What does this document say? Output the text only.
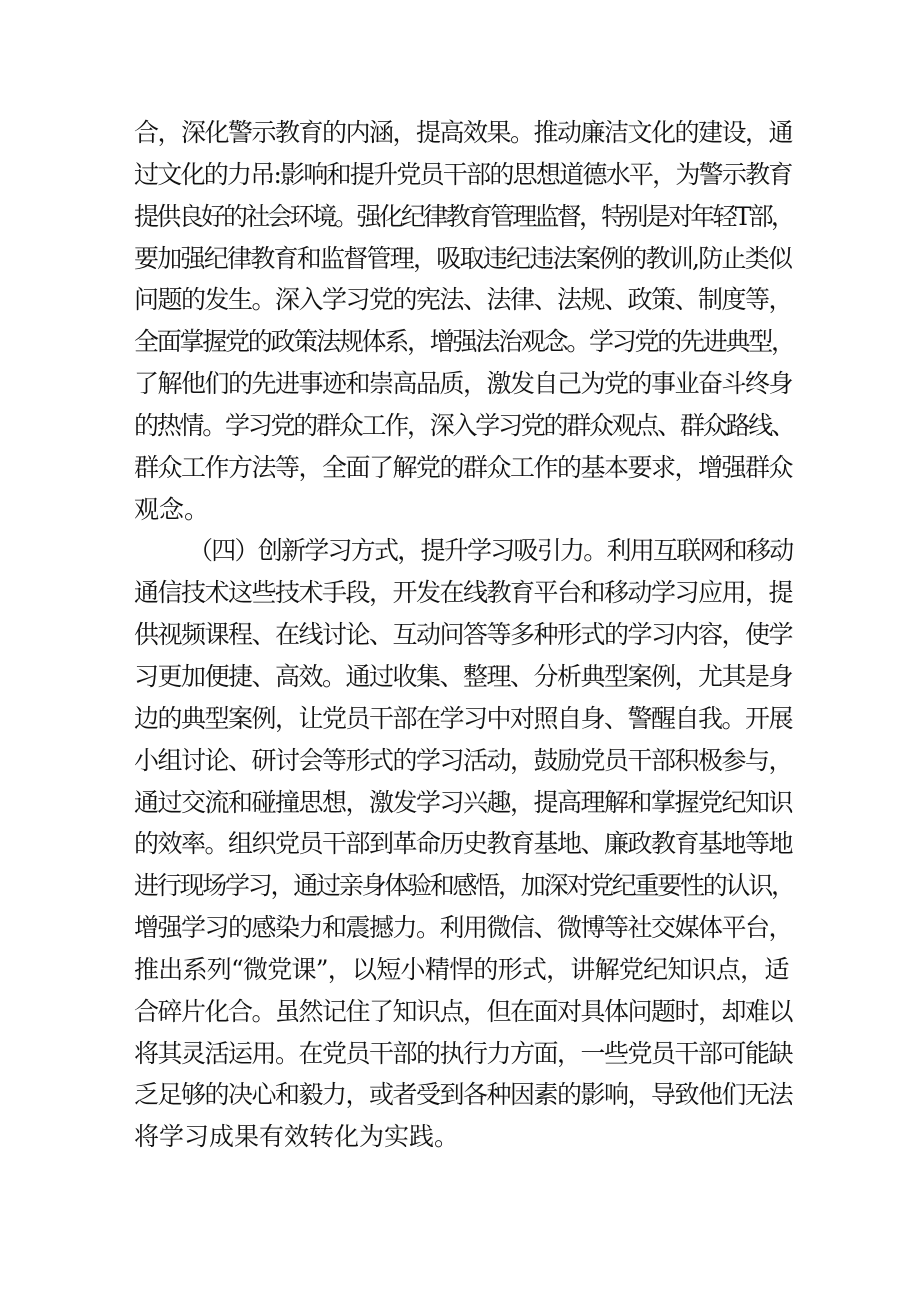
合，深化警示教育的内涵，提高效果。推动廉洁文化的建设，通
过文化的力吊:影响和提升党员干部的思想道德水平，为警示教育
提供良好的社会环境。强化纪律教育管理监督，特别是对年轻T部，
要加强纪律教育和监督管理，吸取违纪违法案例的教训,防止类似
问题的发生。深入学习党的宪法、法律、法规、政策、制度等，
全面掌握党的政策法规体系，增强法治观念。学习党的先进典型，
了解他们的先进事迹和崇高品质，激发自己为党的事业奋斗终身
的热情。学习党的群众工作，深入学习党的群众观点、群众路线、
群众工作方法等，全面了解党的群众工作的基本要求，增强群众
观念。
（四）创新学习方式，提升学习吸引力。利用互联网和移动
通信技术这些技术手段，开发在线教育平台和移动学习应用，提
供视频课程、在线讨论、互动问答等多种形式的学习内容，使学
习更加便捷、高效。通过收集、整理、分析典型案例，尤其是身
边的典型案例，让党员干部在学习中对照自身、警醒自我。开展
小组讨论、研讨会等形式的学习活动，鼓励党员干部积极参与，
通过交流和碰撞思想，激发学习兴趣，提高理解和掌握党纪知识
的效率。组织党员干部到革命历史教育基地、廉政教育基地等地
进行现场学习，通过亲身体验和感悟，加深对党纪重要性的认识，
增强学习的感染力和震撼力。利用微信、微博等社交媒体平台，
推出系列“微党课”，以短小精悍的形式，讲解党纪知识点，适
合碎片化合。虽然记住了知识点，但在面对具体问题时，却难以
将其灵活运用。在党员干部的执行力方面，一些党员干部可能缺
乏足够的决心和毅力，或者受到各种因素的影响，导致他们无法
将学习成果有效转化为实践。
